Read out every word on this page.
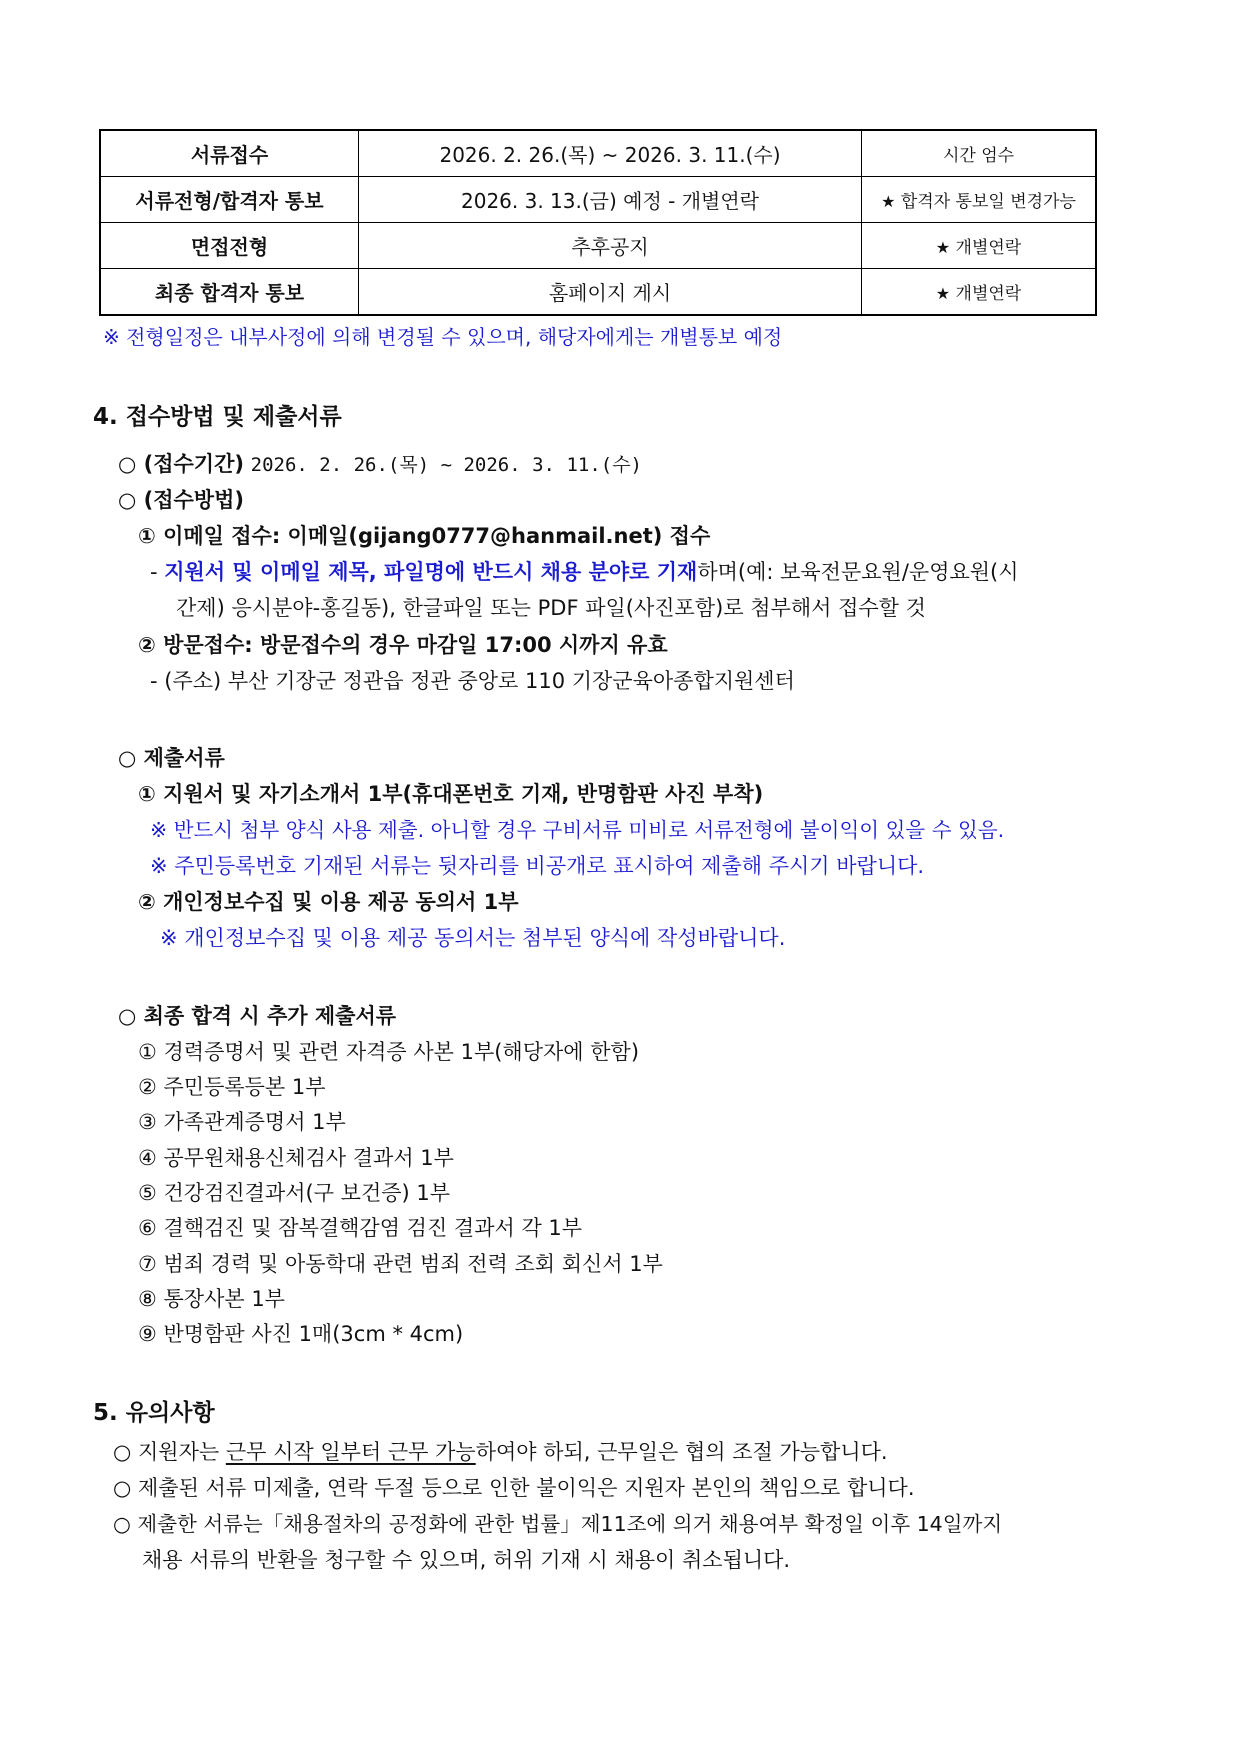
서류접수	2026. 2. 26.(목) ~ 2026. 3. 11.(수)	시간 엄수
서류전형/합격자 통보	2026. 3. 13.(금) 예정 - 개별연락	★ 합격자 통보일 변경가능
면접전형	추후공지	★ 개별연락
최종 합격자 통보	홈페이지 게시	★ 개별연락
※ 전형일정은 내부사정에 의해 변경될 수 있으며, 해당자에게는 개별통보 예정
4. 접수방법 및 제출서류
○ (접수기간) 2026. 2. 26.(목) ~ 2026. 3. 11.(수)
○ (접수방법)
① 이메일 접수: 이메일(gijang0777@hanmail.net) 접수
- 지원서 및 이메일 제목, 파일명에 반드시 채용 분야로 기재하며(예: 보육전문요원/운영요원(시
간제) 응시분야-홍길동), 한글파일 또는 PDF 파일(사진포함)로 첨부해서 접수할 것
② 방문접수: 방문접수의 경우 마감일 17:00 시까지 유효
- (주소) 부산 기장군 정관읍 정관 중앙로 110 기장군육아종합지원센터
○ 제출서류
① 지원서 및 자기소개서 1부(휴대폰번호 기재, 반명함판 사진 부착)
※ 반드시 첨부 양식 사용 제출. 아니할 경우 구비서류 미비로 서류전형에 불이익이 있을 수 있음.
※ 주민등록번호 기재된 서류는 뒷자리를 비공개로 표시하여 제출해 주시기 바랍니다.
② 개인정보수집 및 이용 제공 동의서 1부
※ 개인정보수집 및 이용 제공 동의서는 첨부된 양식에 작성바랍니다.
○ 최종 합격 시 추가 제출서류
① 경력증명서 및 관련 자격증 사본 1부(해당자에 한함)
② 주민등록등본 1부
③ 가족관계증명서 1부
④ 공무원채용신체검사 결과서 1부
⑤ 건강검진결과서(구 보건증) 1부
⑥ 결핵검진 및 잠복결핵감염 검진 결과서 각 1부
⑦ 범죄 경력 및 아동학대 관련 범죄 전력 조회 회신서 1부
⑧ 통장사본 1부
⑨ 반명함판 사진 1매(3cm * 4cm)
5. 유의사항
○ 지원자는 근무 시작 일부터 근무 가능하여야 하되, 근무일은 협의 조절 가능합니다.
○ 제출된 서류 미제출, 연락 두절 등으로 인한 불이익은 지원자 본인의 책임으로 합니다.
○ 제출한 서류는「채용절차의 공정화에 관한 법률」제11조에 의거 채용여부 확정일 이후 14일까지
채용 서류의 반환을 청구할 수 있으며, 허위 기재 시 채용이 취소됩니다.
